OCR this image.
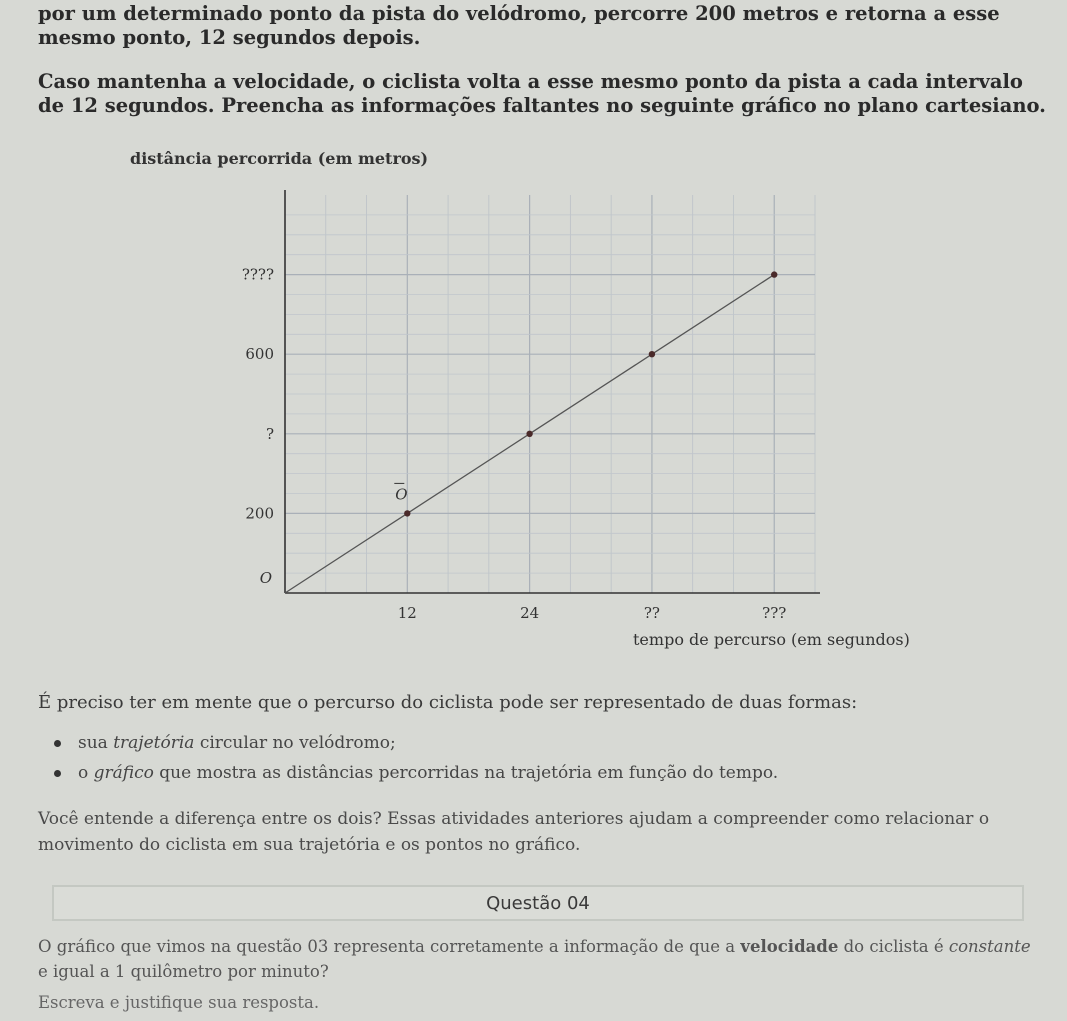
por um determinado ponto da pista do velódromo, percorre 200 metros e retorna a esse mesmo ponto, 12 segundos depois.

Caso mantenha a velocidade, o ciclista volta a esse mesmo ponto da pista a cada intervalo de 12 segundos. Preencha as informações faltantes no seguinte gráfico no plano cartesiano.

distância percorrida (em metros)
tempo de percurso (em segundos)
12	24	??	???
O
200
?
600
????
O
É preciso ter em mente que o percurso do ciclista pode ser representado de duas formas:
sua trajetória circular no velódromo;
o gráfico que mostra as distâncias percorridas na trajetória em função do tempo.

Você entende a diferença entre os dois? Essas atividades anteriores ajudam a compreender como relacionar o movimento do ciclista em sua trajetória e os pontos no gráfico.

Questão 04

O gráfico que vimos na questão 03 representa corretamente a informação de que a velocidade do ciclista é constante e igual a 1 quilômetro por minuto?

Escreva e justifique sua resposta.
